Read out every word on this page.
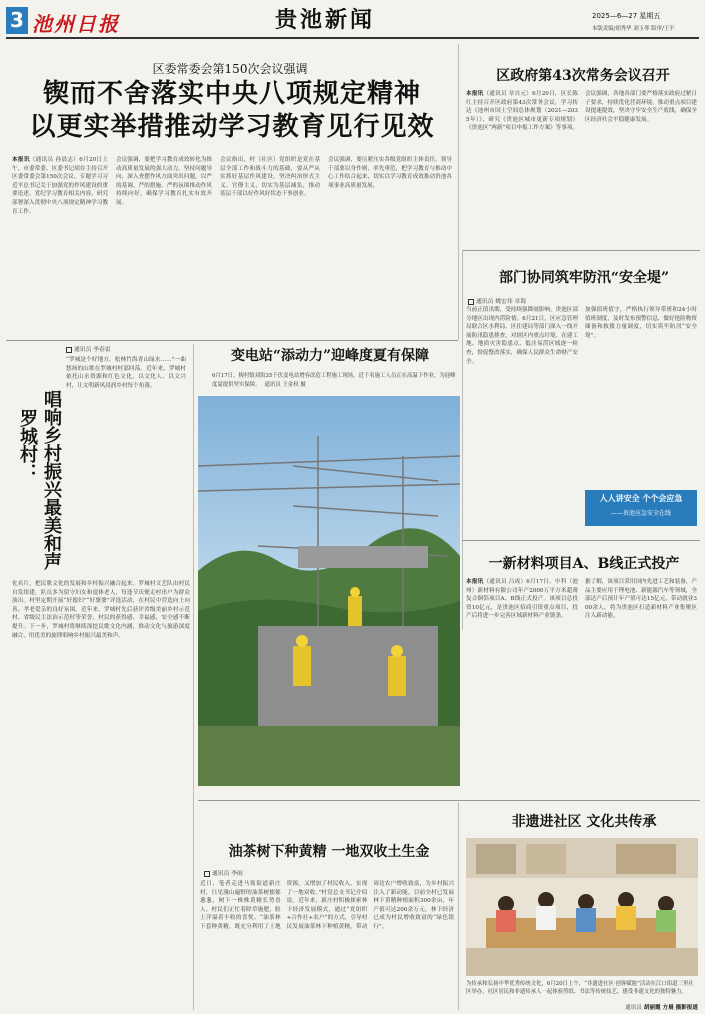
3 池州日报	贵池新闻	2025—6—27 星期五
本版责编/胡秀华 刘玉琴 版审/王平
区委常委会第150次会议强调
锲而不舍落实中央八项规定精神
以更实举措推动学习教育见行见效
本报讯（通讯员 孙晨志）6月20日上午，市委常委、区委书记胡存主持召开区委常委会第150次会议，专题学习习近平总书记关于加强党的作风建设的重要论述、党纪学习教育相关内容，研究部署深入贯彻中央八项规定精神学习教育工作。
会议强调，要把学习教育成效转化为推动高质量发展的强大动力，坚持问题导向，深入查摆作风方面突出问题，以严的基调、严的措施、严的氛围推动作风持续向好，确保学习教育扎实有效开展。
会议指出，村（社区）党组织是党在基层全部工作和战斗力的基础，要从严从实抓好基层作风建设，坚决纠治形式主义、官僚主义，切实为基层减负，推动基层干部以好作风好状态干事创业。
会议强调，要压紧压实各级党组织主体责任，领导干部要以身作则、率先垂范，把学习教育与推动中心工作结合起来，切实以学习教育成效推动贵池各项事业高质量发展。
区政府第43次常务会议召开
本报讯（通讯员 章自元）6月20日，区长陈红主持召开区政府第43次常务会议，学习传达《池州市国土空间总体规划（2021—2035年）》，研究《贵池区城市更新专项规划》《贵池区“两新”项目申报工作方案》等事项。
会议强调，各地各部门要严格落实政府过紧日子要求，持续优化营商环境，推动重点项目建设提速提效，坚决守牢安全生产底线，确保全区经济社会平稳健康发展。
通讯员 李春雷
罗城村： 唱响乡村振兴最美和声
“罗城是个好地方，松林竹海青山绿水……”一曲悠扬的山歌在罗城村村部回荡。近年来，罗城村依托山水资源和红色文化，以文化人、以文兴村，让文明新风浸润乡村每个角落。
化名片，把民歌文化的发展和乡村振兴融合起来。罗城村文艺队由村民自发组建，队员多为留守妇女和退休老人，每逢节庆便走村串户为群众演出。村里定期开展“好媳妇”“好婆婆”评选活动，在村民中营造向上向善、孝老爱亲的良好氛围。近年来，罗城村先后获评省级美丽乡村示范村、省级民主法治示范村等荣誉，村民的获得感、幸福感、安全感不断提升。下一步，罗城村将继续深挖民歌文化内涵，推动文化与旅游深度融合，用优美的旋律唱响乡村振兴最美和声。
变电站“添动力”迎峰度夏有保障
6月17日，梅村镇刘街35千伏变电站增容改造工程施工现场，近千名施工人员正在高温下作业，为迎峰度夏提供坚实保障。 通讯员 王金权 摄
部门协同筑牢防汛“安全堤”
通讯员 姚宏伟 章海
当前正值汛期，受持续强降雨影响，贵池区部分地区出现内涝险情。6月21日，区应急管理局联合区水利局、区住建局等部门深入一线开展防汛隐患排查，对辖区内重点圩堤、在建工地、地质灾害隐患点、低洼易涝区域逐一检查，督促整改落实，确保人民群众生命财产安全。
加强值班值守，严格执行领导带班和24小时值班制度，及时发布预警信息，做好抢险物资储备和救援力量调度，切实筑牢防汛“安全堤”。
人人讲安全 个个会应急
——贵池应急安全在线
一新材料项目A、B线正式投产
本报讯（通讯员 吕成）6月17日，中科（池州）新材料有限公司年产2000万平方米超薄复合铜箔项目A、B线正式投产。该项目总投资10亿元，是贵池区招商引资重点项目，投产后将进一步完善区域新材料产业链条。
据了解，该项目采用国内先进工艺和装备，产品主要应用于锂电池、新能源汽车等领域，全部达产后预计年产值可达15亿元，带动就业300余人，将为贵池区打造新材料产业集聚区注入新动能。
油茶树下种黄精 一地双收土生金
通讯员 李雨
近日，笔者走进马衙街道新庄村，只见漫山遍野的油茶树郁郁葱葱，树下一株株黄精长势喜人。村民们正忙着除草施肥，脸上洋溢着丰收的喜悦。“油茶林下套种黄精，既充分利用了土地资源，又增加了村民收入，实现了一地双收。”村党总支书记介绍说。近年来，新庄村积极探索林下经济发展模式，通过“党组织+合作社+农户”的方式，引导村民发展油茶林下种植黄精，带动周边农户增收致富，为乡村振兴注入了新动能。目前全村已发展林下黄精种植面积300余亩，年产值可达200余万元，林下经济已成为村民增收致富的“绿色银行”。
非遗进社区 文化共传承
为传承和弘扬中华优秀传统文化，6月20日上午，“非遗进社区·创客赋能”活动在江口街道三里社区举办，社区居民和非遗传承人一起体验剪纸、书法等传统技艺，感受非遗文化的独特魅力。
通讯员 胡丽霞 方晨 摄影报道
